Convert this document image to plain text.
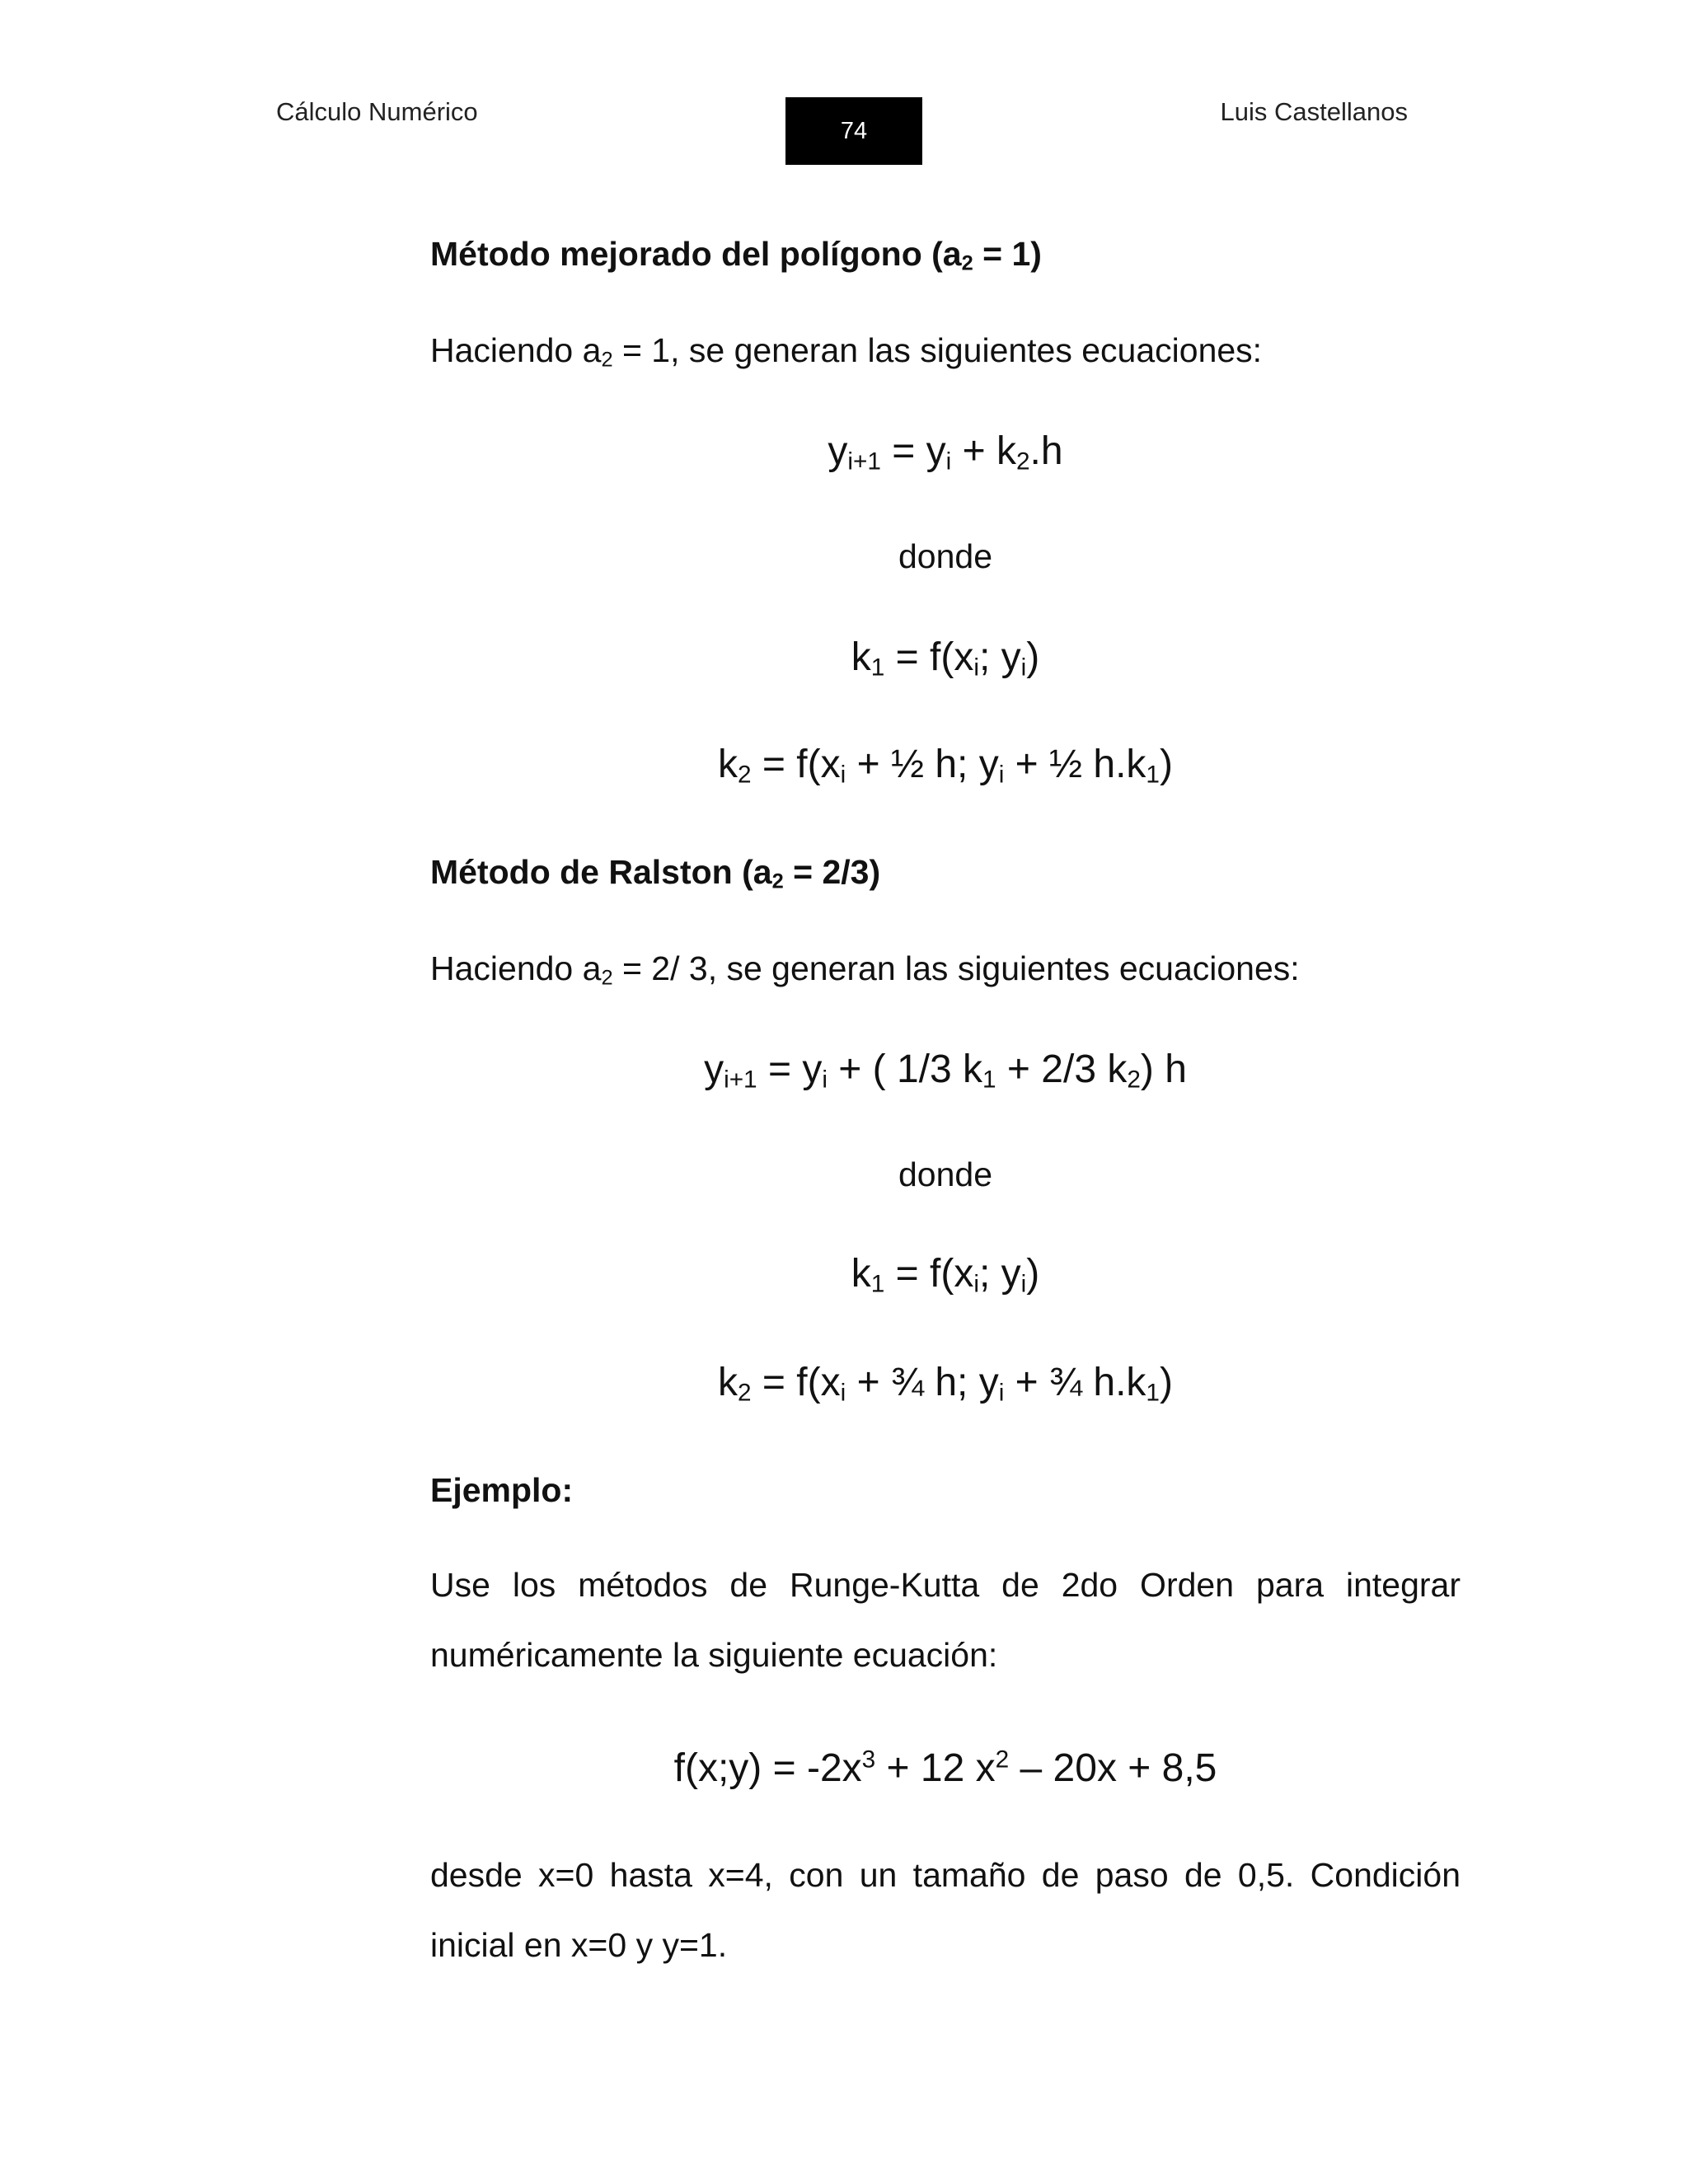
Cálculo Numérico
74
Luis Castellanos
Método mejorado del polígono $(a_2 = 1)$
Haciendo $a_2 = 1$, se generan las siguientes ecuaciones:
$y_{i+1} = y_i + k_2.h$
donde
$k_1 = f(x_i$; $y_i$)
$k_2 = f(x_i$ + ½ h; $y_i$ + ½ $h.k_1$)
Método de Ralston $(a_2 = 2/3)$
Haciendo $a_2 = 2/$ 3, se generan las siguientes ecuaciones:
$y_{i+1} = y_i$ + ( 1/3 $k_1 + 2/3$ $k_2$) h
donde
$k_1 = f(x_i$; $y_i$)
$k_2 = f(x_i$ + ¾ h; $y_i$ + ¾ $h.k_1$)
Ejemplo:
Use los métodos de Runge-Kutta de 2do Orden para integrar
numéricamente la siguiente ecuación:
f(x;y) = $-2x^3 + 12$ $x^2 - 20x + 8,5$
desde x=0 hasta x=4, con un tamaño de paso de 0,5. Condición
inicial en x=0 y y=1.
